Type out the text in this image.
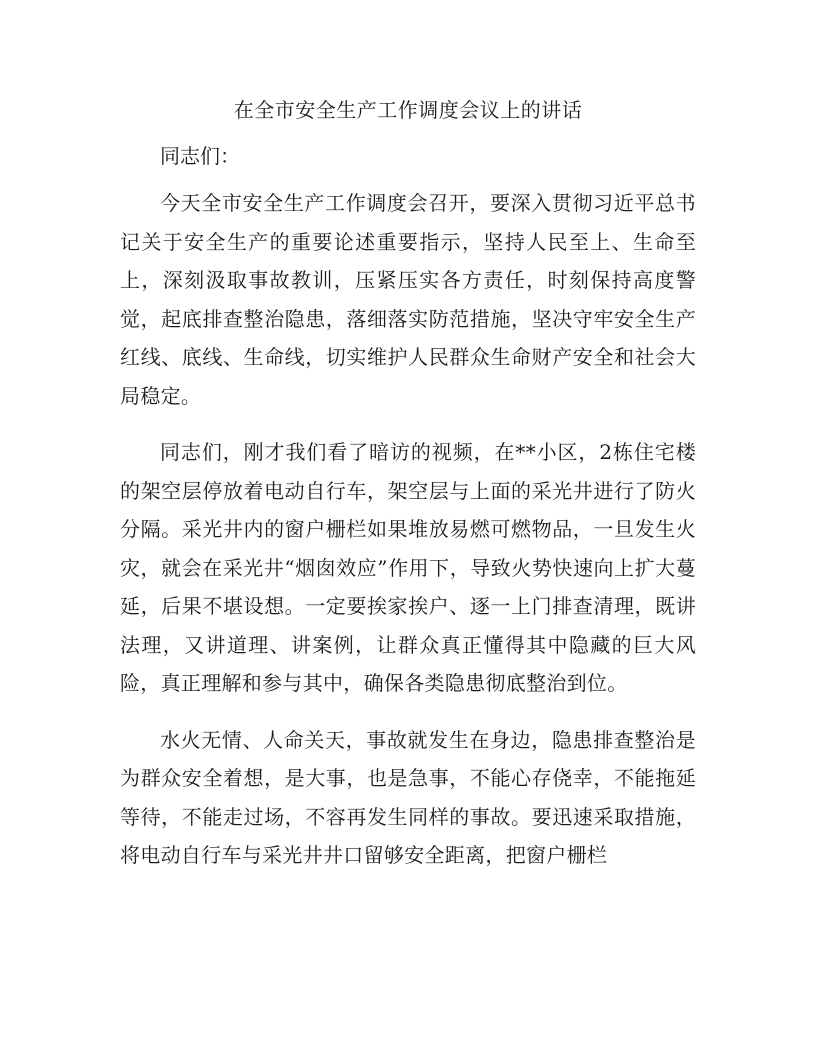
在全市安全生产工作调度会议上的讲话

同志们：

今天全市安全生产工作调度会召开，要深入贯彻习近平总书记关于安全生产的重要论述重要指示，坚持人民至上、生命至上，深刻汲取事故教训，压紧压实各方责任，时刻保持高度警觉，起底排查整治隐患，落细落实防范措施，坚决守牢安全生产红线、底线、生命线，切实维护人民群众生命财产安全和社会大局稳定。

同志们，刚才我们看了暗访的视频，在**小区，2栋住宅楼的架空层停放着电动自行车，架空层与上面的采光井进行了防火分隔。采光井内的窗户栅栏如果堆放易燃可燃物品，一旦发生火灾，就会在采光井“烟囱效应”作用下，导致火势快速向上扩大蔓延，后果不堪设想。一定要挨家挨户、逐一上门排查清理，既讲法理，又讲道理、讲案例，让群众真正懂得其中隐藏的巨大风险，真正理解和参与其中，确保各类隐患彻底整治到位。

水火无情、人命关天，事故就发生在身边，隐患排查整治是为群众安全着想，是大事，也是急事，不能心存侥幸，不能拖延等待，不能走过场，不容再发生同样的事故。要迅速采取措施，将电动自行车与采光井井口留够安全距离，把窗户栅栏
